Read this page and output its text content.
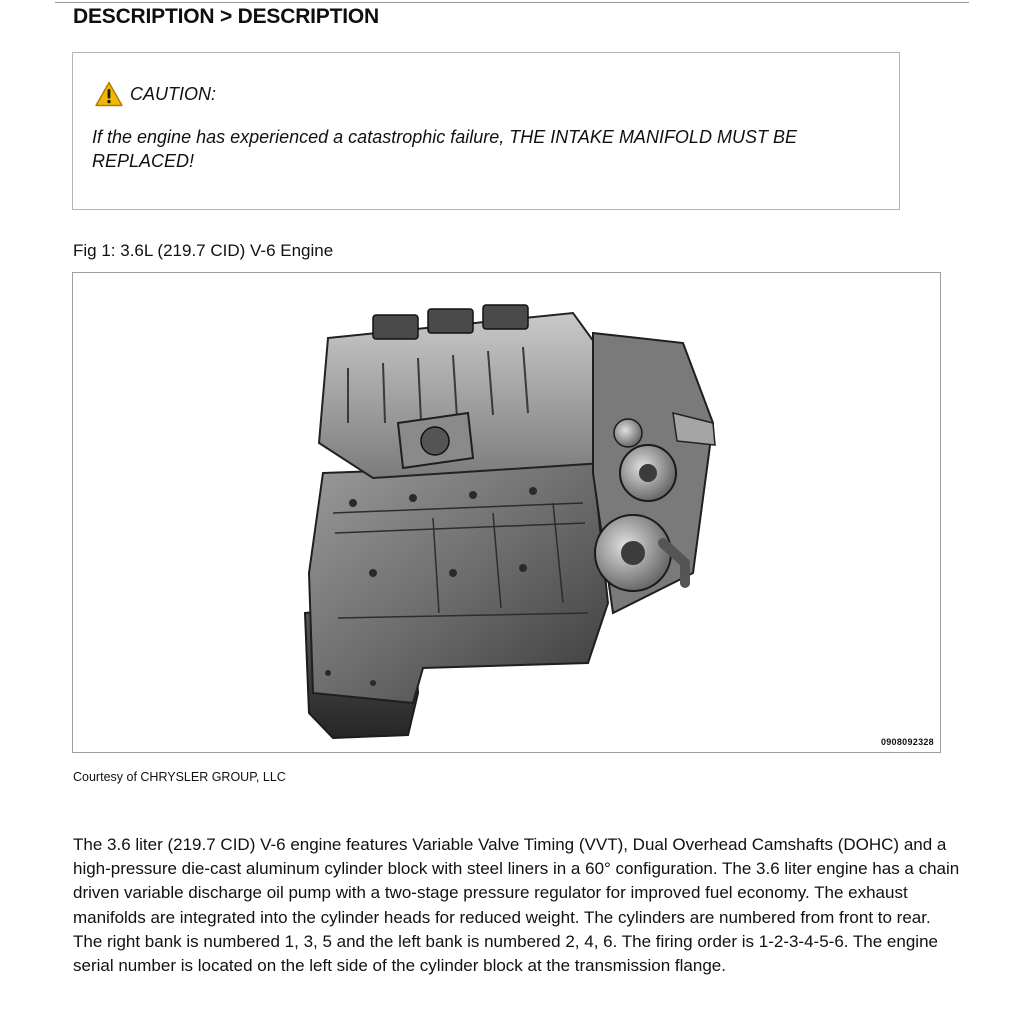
DESCRIPTION > DESCRIPTION
CAUTION:
If the engine has experienced a catastrophic failure, THE INTAKE MANIFOLD MUST BE REPLACED!
Fig 1: 3.6L (219.7 CID) V-6 Engine
0908092328
Courtesy of CHRYSLER GROUP, LLC

The 3.6 liter (219.7 CID) V-6 engine features Variable Valve Timing (VVT), Dual Overhead Camshafts (DOHC) and a high-pressure die-cast aluminum cylinder block with steel liners in a 60° configuration. The 3.6 liter engine has a chain driven variable discharge oil pump with a two-stage pressure regulator for improved fuel economy. The exhaust manifolds are integrated into the cylinder heads for reduced weight. The cylinders are numbered from front to rear. The right bank is numbered 1, 3, 5 and the left bank is numbered 2, 4, 6. The firing order is 1-2-3-4-5-6. The engine serial number is located on the left side of the cylinder block at the transmission flange.
